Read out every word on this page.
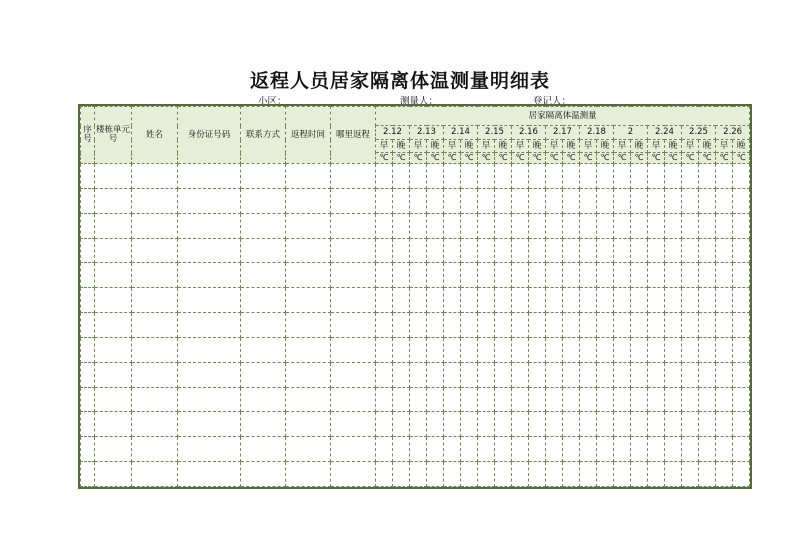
返程人员居家隔离体温测量明细表
小区：	测量人：	登记人：
序号	楼栋单元号	姓名	身份证号码	联系方式	返程时间	哪里返程	居家隔离体温测量																					
							2.12		2.13		2.14		2.15		2.16		2.17		2.18		2		2.24		2.25		2.26	
							早	晚	早	晚	早	晚	早	晚	早	晚	早	晚	早	晚	早	晚	早	晚	早	晚	早	晚
							℃	℃	℃	℃	℃	℃	℃	℃	℃	℃	℃	℃	℃	℃	℃	℃	℃	℃	℃	℃	℃	℃
